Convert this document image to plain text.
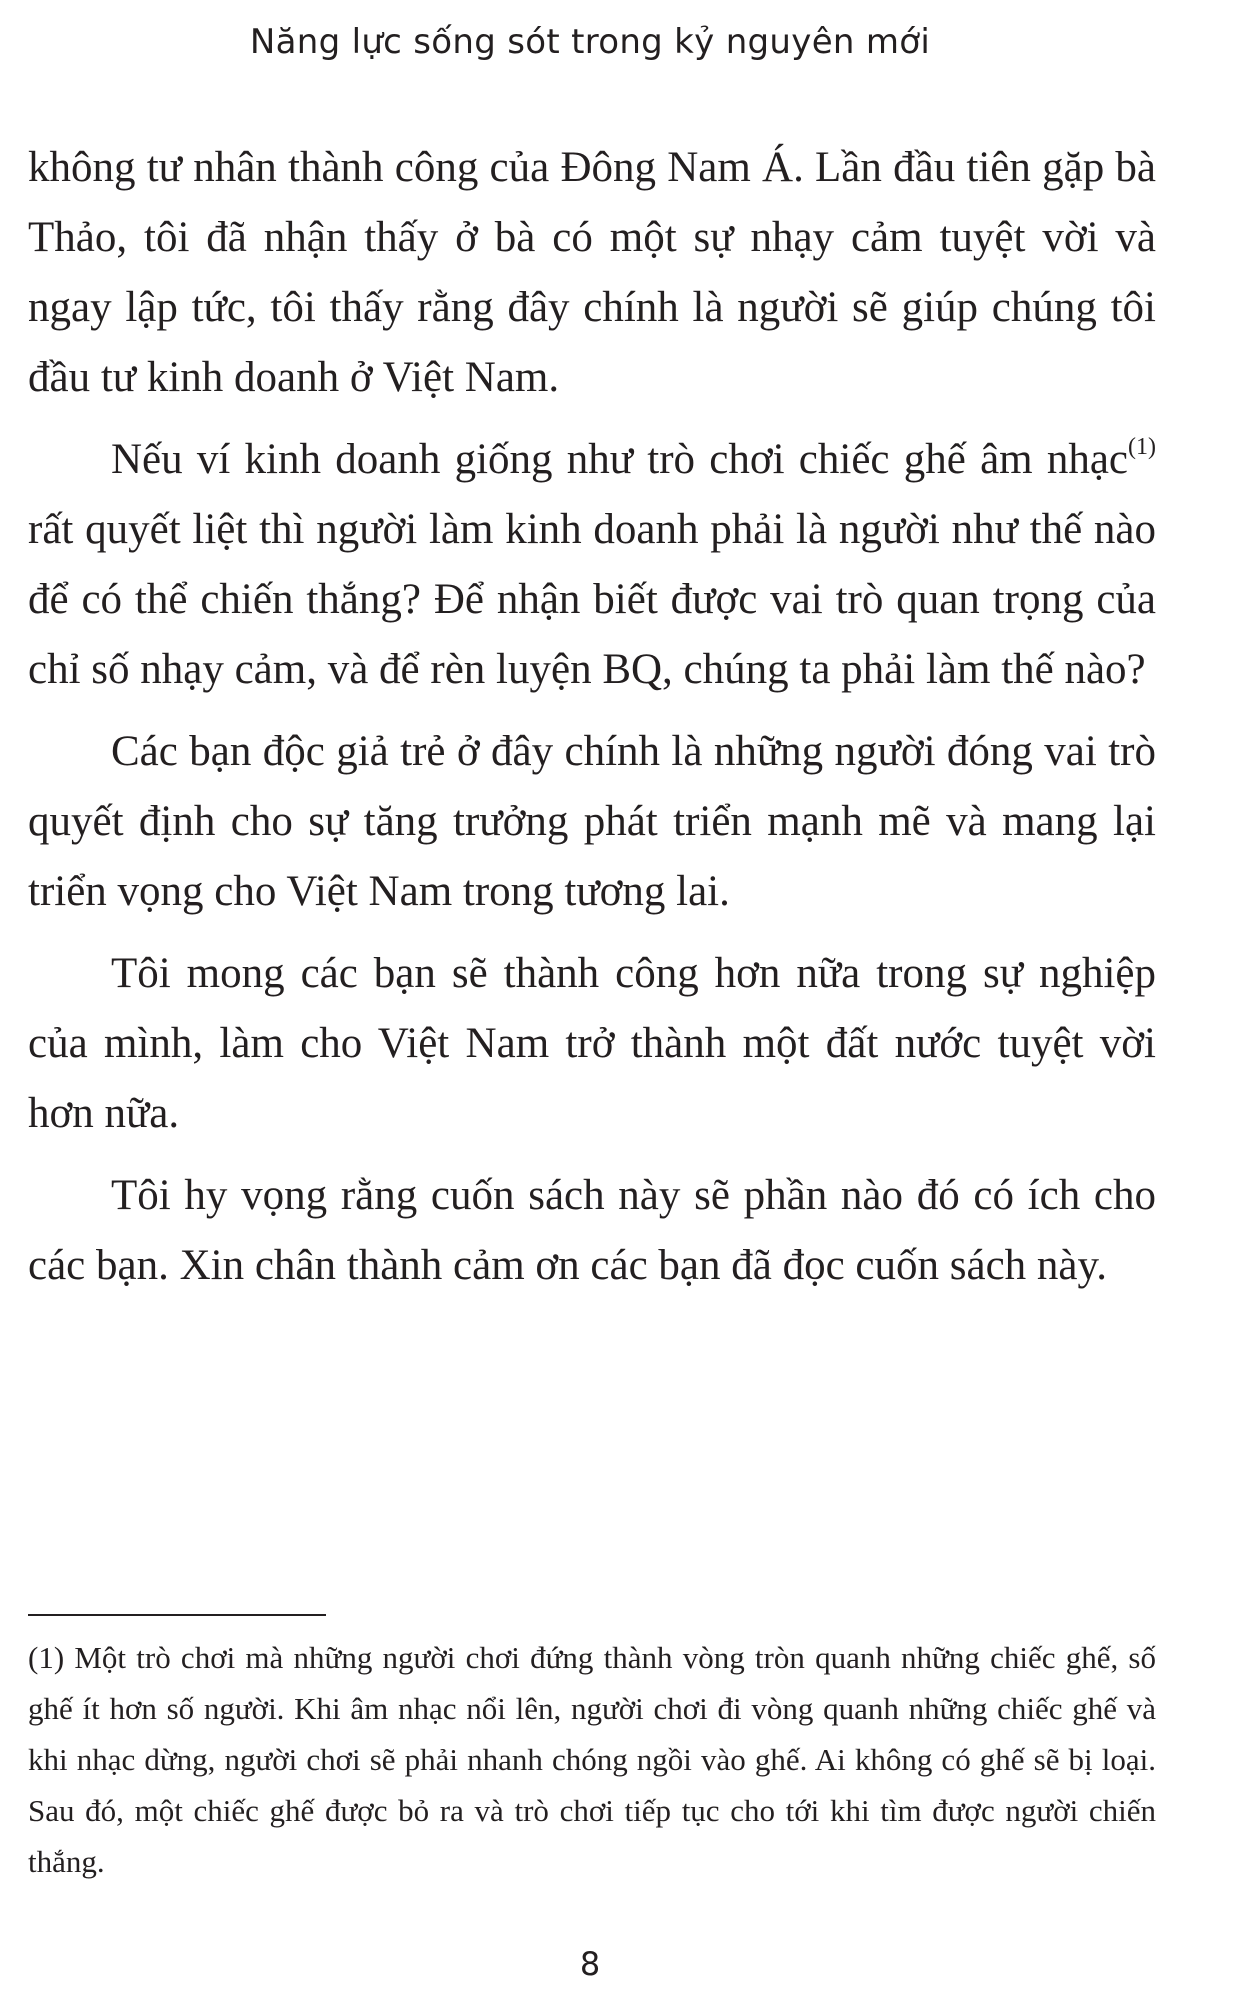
Năng lực sống sót trong kỷ nguyên mới

không tư nhân thành công của Đông Nam Á. Lần đầu tiên gặp bà Thảo, tôi đã nhận thấy ở bà có một sự nhạy cảm tuyệt vời và ngay lập tức, tôi thấy rằng đây chính là người sẽ giúp chúng tôi đầu tư kinh doanh ở Việt Nam.

Nếu ví kinh doanh giống như trò chơi chiếc ghế âm nhạc$^{(1)}$ rất quyết liệt thì người làm kinh doanh phải là người như thế nào để có thể chiến thắng? Để nhận biết được vai trò quan trọng của chỉ số nhạy cảm, và để rèn luyện BQ, chúng ta phải làm thế nào?

Các bạn độc giả trẻ ở đây chính là những người đóng vai trò quyết định cho sự tăng trưởng phát triển mạnh mẽ và mang lại triển vọng cho Việt Nam trong tương lai.

Tôi mong các bạn sẽ thành công hơn nữa trong sự nghiệp của mình, làm cho Việt Nam trở thành một đất nước tuyệt vời hơn nữa.

Tôi hy vọng rằng cuốn sách này sẽ phần nào đó có ích cho các bạn. Xin chân thành cảm ơn các bạn đã đọc cuốn sách này.

(1) Một trò chơi mà những người chơi đứng thành vòng tròn quanh những chiếc ghế, số ghế ít hơn số người. Khi âm nhạc nổi lên, người chơi đi vòng quanh những chiếc ghế và khi nhạc dừng, người chơi sẽ phải nhanh chóng ngồi vào ghế. Ai không có ghế sẽ bị loại. Sau đó, một chiếc ghế được bỏ ra và trò chơi tiếp tục cho tới khi tìm được người chiến thắng.

8
